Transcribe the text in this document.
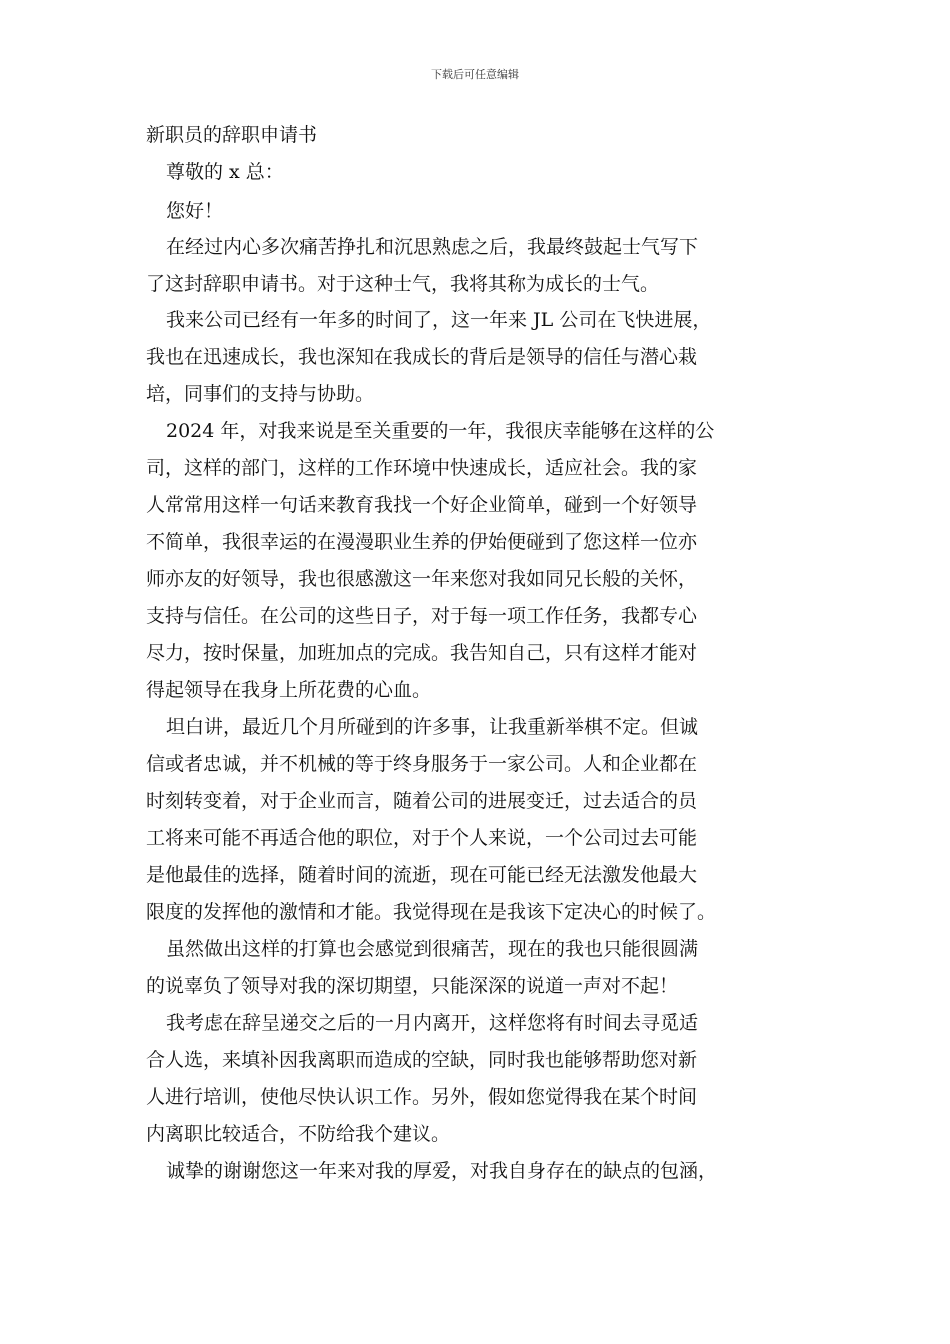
下载后可任意编辑
新职员的辞职申请书
尊敬的 x 总：
您好！
在经过内心多次痛苦挣扎和沉思熟虑之后，我最终鼓起士气写下
了这封辞职申请书。对于这种士气，我将其称为成长的士气。
我来公司已经有一年多的时间了，这一年来 JL 公司在飞快进展，
我也在迅速成长，我也深知在我成长的背后是领导的信任与潜心栽
培，同事们的支持与协助。
2024 年，对我来说是至关重要的一年，我很庆幸能够在这样的公
司，这样的部门，这样的工作环境中快速成长，适应社会。我的家
人常常用这样一句话来教育我找一个好企业简单，碰到一个好领导
不简单，我很幸运的在漫漫职业生养的伊始便碰到了您这样一位亦
师亦友的好领导，我也很感激这一年来您对我如同兄长般的关怀，
支持与信任。在公司的这些日子，对于每一项工作任务，我都专心
尽力，按时保量，加班加点的完成。我告知自己，只有这样才能对
得起领导在我身上所花费的心血。
坦白讲，最近几个月所碰到的许多事，让我重新举棋不定。但诚
信或者忠诚，并不机械的等于终身服务于一家公司。人和企业都在
时刻转变着，对于企业而言，随着公司的进展变迁，过去适合的员
工将来可能不再适合他的职位，对于个人来说，一个公司过去可能
是他最佳的选择，随着时间的流逝，现在可能已经无法激发他最大
限度的发挥他的激情和才能。我觉得现在是我该下定决心的时候了。
虽然做出这样的打算也会感觉到很痛苦，现在的我也只能很圆满
的说辜负了领导对我的深切期望，只能深深的说道一声对不起！
我考虑在辞呈递交之后的一月内离开，这样您将有时间去寻觅适
合人选，来填补因我离职而造成的空缺，同时我也能够帮助您对新
人进行培训，使他尽快认识工作。另外，假如您觉得我在某个时间
内离职比较适合，不防给我个建议。
诚挚的谢谢您这一年来对我的厚爱，对我自身存在的缺点的包涵，
